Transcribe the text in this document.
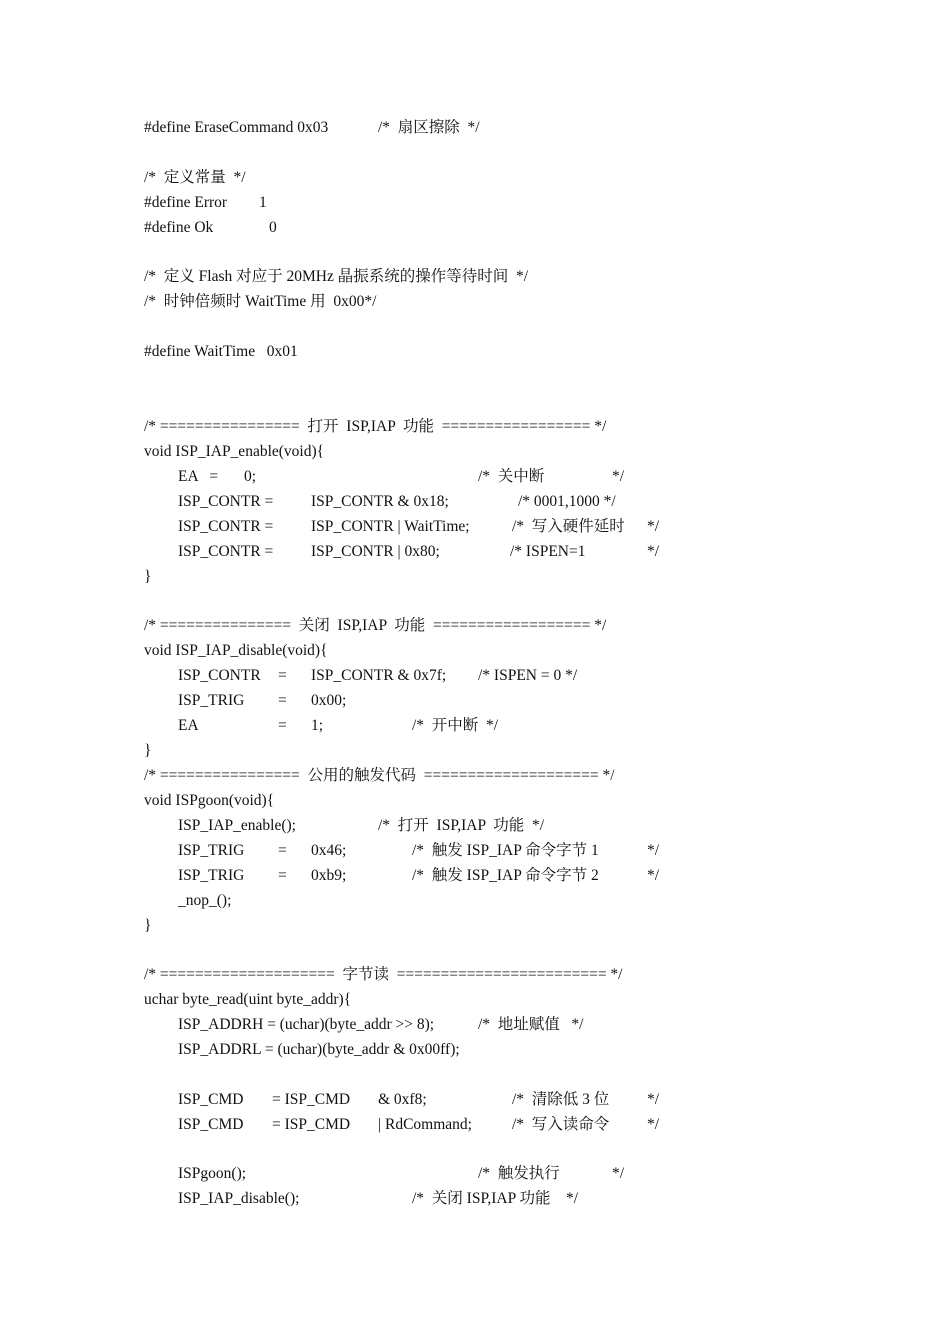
#define EraseCommand 0x03	/*  扇区擦除  */
/*  定义常量  */
#define Error 1
#define Ok	0
/*  定义 Flash 对应于 20MHz 晶振系统的操作等待时间  */
/*  时钟倍频时 WaitTime 用  0x00*/
#define WaitTime   0x01
/* ================  打开  ISP,IAP  功能  ================= */
void ISP_IAP_enable(void){
EA   = 0;	/*  关中断	*/
ISP_CONTR = ISP_CONTR & 0x18;	/* 0001,1000 */
ISP_CONTR = ISP_CONTR | WaitTime;	/*  写入硬件延时 */
ISP_CONTR = ISP_CONTR | 0x80;	/* ISPEN=1	*/
}
/* ===============  关闭  ISP,IAP  功能  ================== */
void ISP_IAP_disable(void){
ISP_CONTR = ISP_CONTR & 0x7f; /* ISPEN = 0 */
ISP_TRIG = 0x00;
EA	= 1;	/*  开中断  */
}
/* ================  公用的触发代码  ==================== */
void ISPgoon(void){
ISP_IAP_enable();	/*  打开  ISP,IAP  功能  */
ISP_TRIG = 0x46;	/*  触发 ISP_IAP 命令字节 1	*/
ISP_TRIG = 0xb9;	/*  触发 ISP_IAP 命令字节 2	*/
_nop_();
}
/* ====================  字节读  ======================== */
uchar byte_read(uint byte_addr){
ISP_ADDRH = (uchar)(byte_addr >> 8);	/*  地址赋值   */
ISP_ADDRL = (uchar)(byte_addr & 0x00ff);
ISP_CMD = ISP_CMD & 0xf8;	/*  清除低 3 位 */
ISP_CMD = ISP_CMD | RdCommand;	/*  写入读命令 */
ISPgoon();	/*  触发执行	*/
ISP_IAP_disable();	/*  关闭 ISP,IAP 功能    */
